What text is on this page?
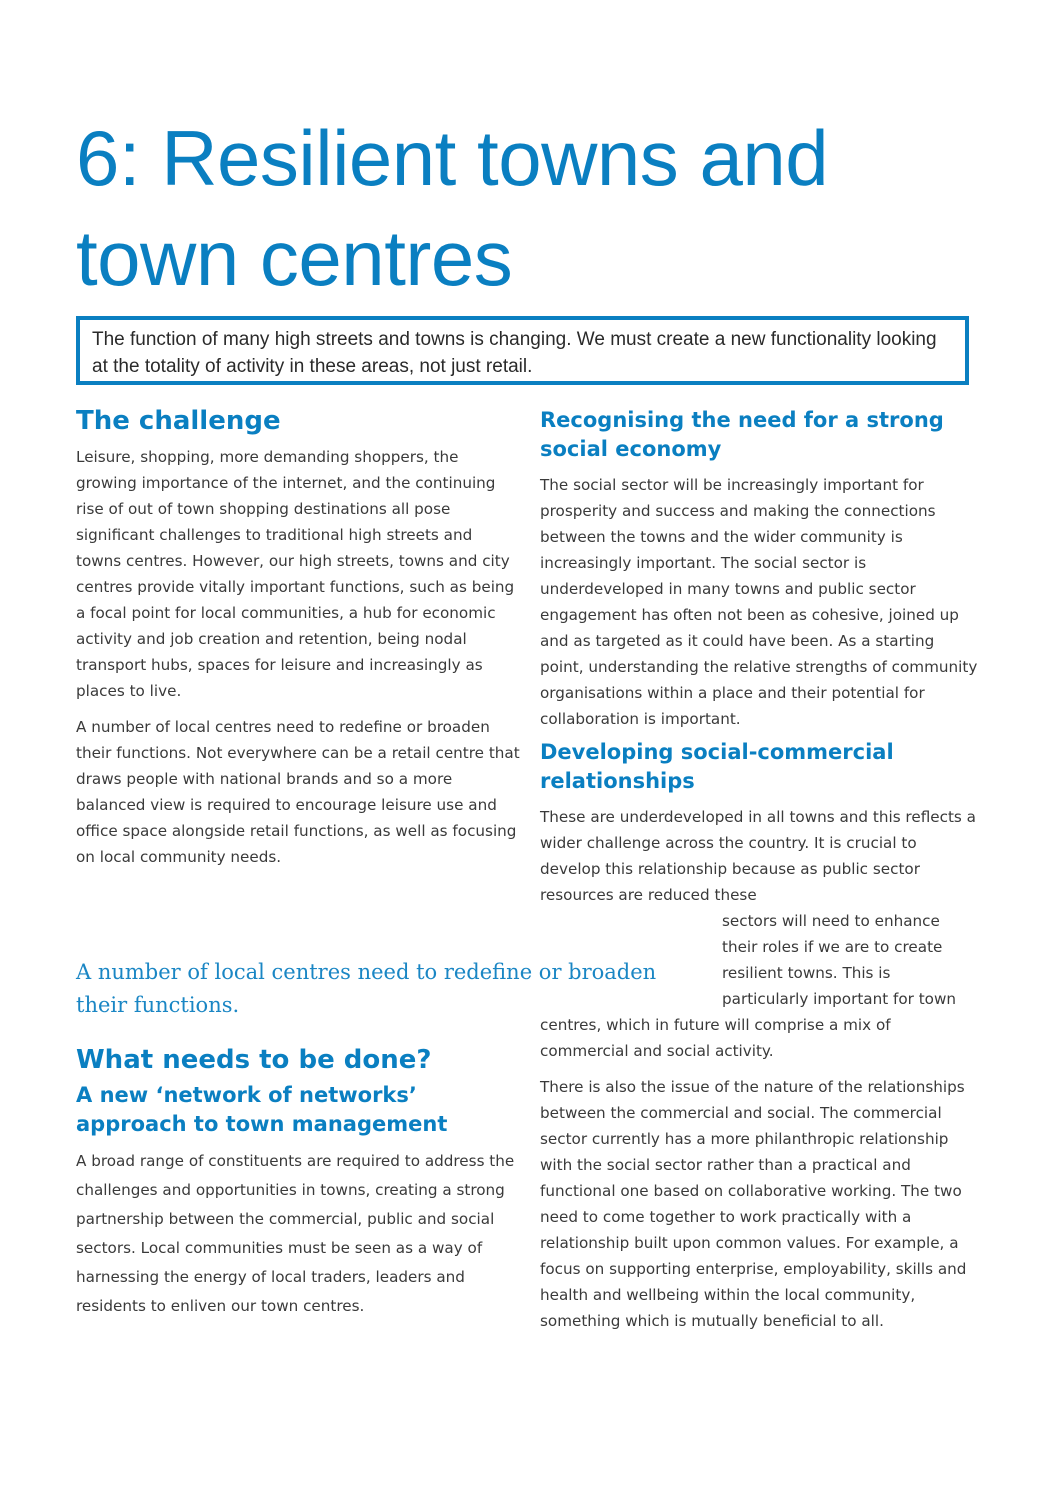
6: Resilient towns and
town centres

The function of many high streets and towns is changing. We must create a new functionality looking at the totality of activity in these areas, not just retail.

The challenge

Leisure, shopping, more demanding shoppers, the growing importance of the internet, and the continuing rise of out of town shopping destinations all pose significant challenges to traditional high streets and towns centres. However, our high streets, towns and city centres provide vitally important functions, such as being a focal point for local communities, a hub for economic activity and job creation and retention, being nodal transport hubs, spaces for leisure and increasingly as places to live.

A number of local centres need to redefine or broaden their functions. Not everywhere can be a retail centre that draws people with national brands and so a more balanced view is required to encourage leisure use and office space alongside retail functions, as well as focusing on local community needs.

A number of local centres need to redefine or broaden their functions.

What needs to be done?
A new ‘network of networks’ approach to town management

A broad range of constituents are required to address the challenges and opportunities in towns, creating a strong partnership between the commercial, public and social sectors. Local communities must be seen as a way of harnessing the energy of local traders, leaders and residents to enliven our town centres.

Recognising the need for a strong social economy

The social sector will be increasingly important for prosperity and success and making the connections between the towns and the wider community is increasingly important. The social sector is underdeveloped in many towns and public sector engagement has often not been as cohesive, joined up and as targeted as it could have been. As a starting point, understanding the relative strengths of community organisations within a place and their potential for collaboration is important.

Developing social-commercial relationships

These are underdeveloped in all towns and this reflects a wider challenge across the country. It is crucial to develop this relationship because as public sector resources are reduced these

sectors will need to enhance their roles if we are to create resilient towns. This is particularly important for town centres, which in future will comprise a mix of commercial and social activity.

There is also the issue of the nature of the relationships between the commercial and social. The commercial sector currently has a more philanthropic relationship with the social sector rather than a practical and functional one based on collaborative working. The two need to come together to work practically with a relationship built upon common values. For example, a focus on supporting enterprise, employability, skills and health and wellbeing within the local community, something which is mutually beneficial to all.
